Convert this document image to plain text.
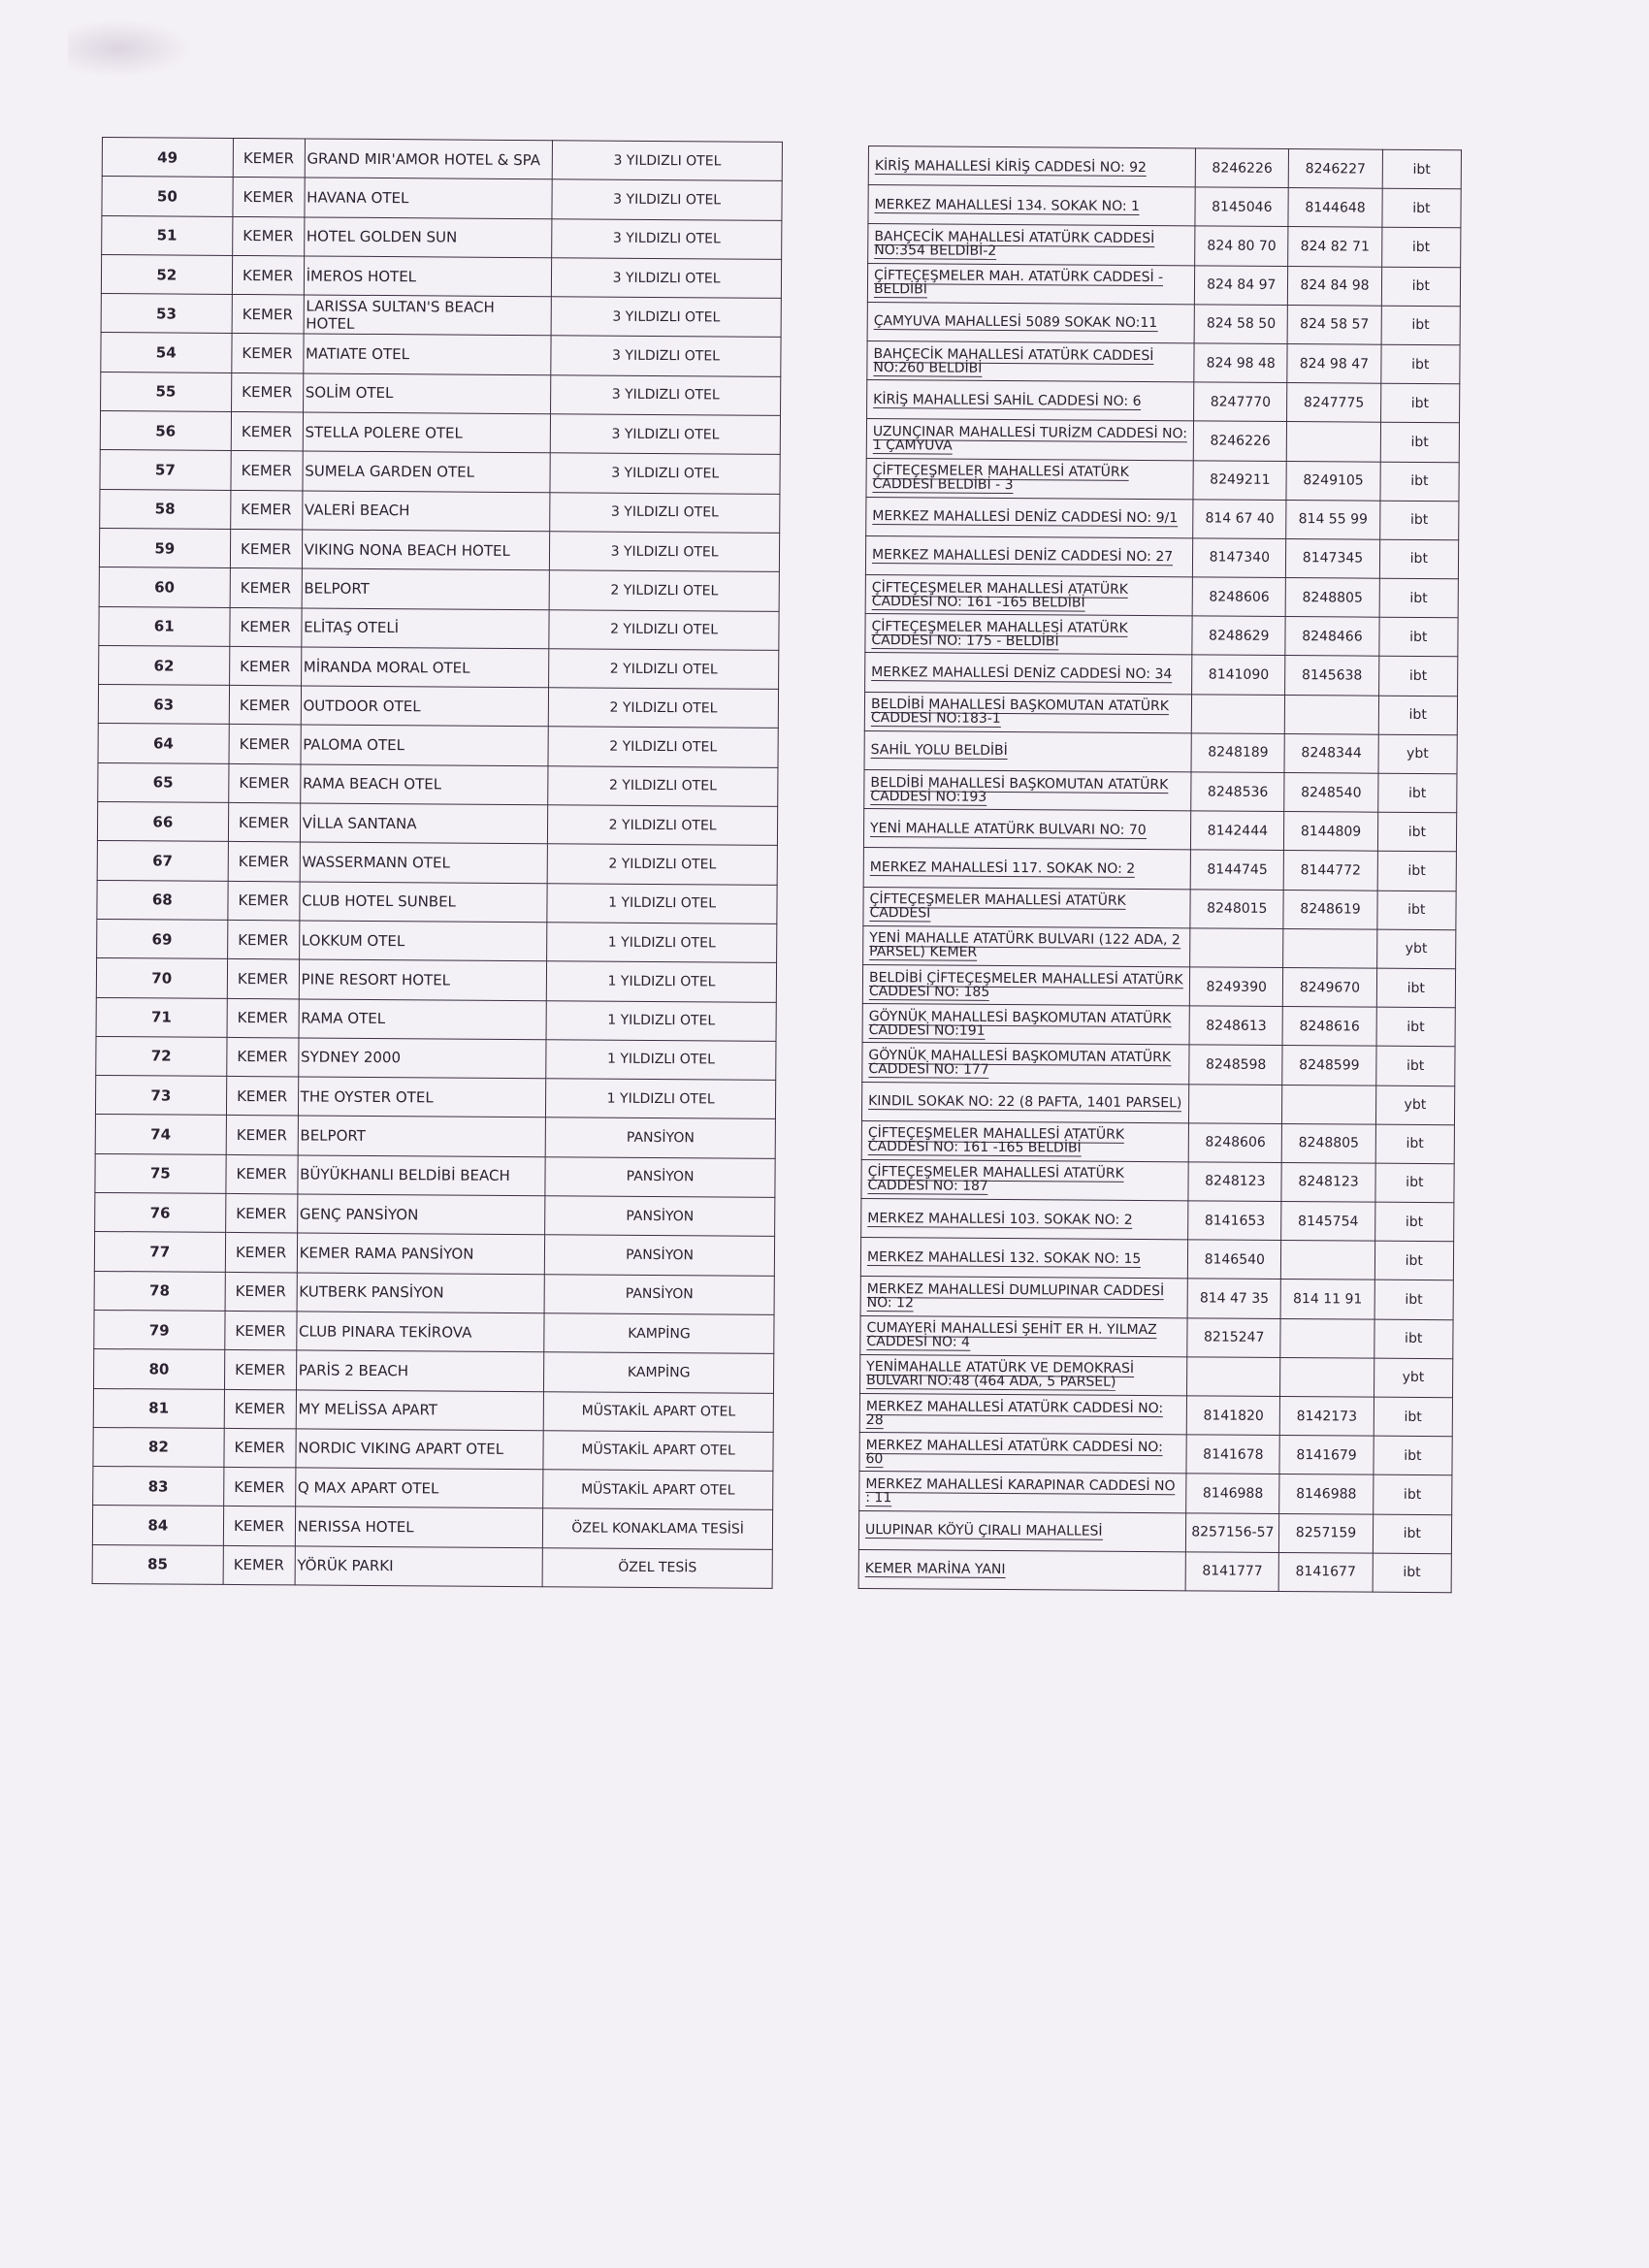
49	KEMER	GRAND MIR'AMOR HOTEL & SPA	3 YILDIZLI OTEL
50	KEMER	HAVANA OTEL	3 YILDIZLI OTEL
51	KEMER	HOTEL GOLDEN SUN	3 YILDIZLI OTEL
52	KEMER	İMEROS HOTEL	3 YILDIZLI OTEL
53	KEMER	LARISSA SULTAN'S BEACH HOTEL	3 YILDIZLI OTEL
54	KEMER	MATIATE OTEL	3 YILDIZLI OTEL
55	KEMER	SOLİM OTEL	3 YILDIZLI OTEL
56	KEMER	STELLA POLERE OTEL	3 YILDIZLI OTEL
57	KEMER	SUMELA GARDEN OTEL	3 YILDIZLI OTEL
58	KEMER	VALERİ BEACH	3 YILDIZLI OTEL
59	KEMER	VIKING NONA BEACH HOTEL	3 YILDIZLI OTEL
60	KEMER	BELPORT	2 YILDIZLI OTEL
61	KEMER	ELİTAŞ OTELİ	2 YILDIZLI OTEL
62	KEMER	MİRANDA MORAL OTEL	2 YILDIZLI OTEL
63	KEMER	OUTDOOR OTEL	2 YILDIZLI OTEL
64	KEMER	PALOMA OTEL	2 YILDIZLI OTEL
65	KEMER	RAMA BEACH OTEL	2 YILDIZLI OTEL
66	KEMER	VİLLA SANTANA	2 YILDIZLI OTEL
67	KEMER	WASSERMANN OTEL	2 YILDIZLI OTEL
68	KEMER	CLUB HOTEL SUNBEL	1 YILDIZLI OTEL
69	KEMER	LOKKUM OTEL	1 YILDIZLI OTEL
70	KEMER	PINE RESORT HOTEL	1 YILDIZLI OTEL
71	KEMER	RAMA OTEL	1 YILDIZLI OTEL
72	KEMER	SYDNEY 2000	1 YILDIZLI OTEL
73	KEMER	THE OYSTER OTEL	1 YILDIZLI OTEL
74	KEMER	BELPORT	PANSİYON
75	KEMER	BÜYÜKHANLI BELDİBİ BEACH	PANSİYON
76	KEMER	GENÇ PANSİYON	PANSİYON
77	KEMER	KEMER RAMA PANSİYON	PANSİYON
78	KEMER	KUTBERK PANSİYON	PANSİYON
79	KEMER	CLUB PINARA TEKİROVA	KAMPİNG
80	KEMER	PARİS 2 BEACH	KAMPİNG
81	KEMER	MY MELİSSA APART	MÜSTAKİL APART OTEL
82	KEMER	NORDIC VIKING APART OTEL	MÜSTAKİL APART OTEL
83	KEMER	Q MAX APART OTEL	MÜSTAKİL APART OTEL
84	KEMER	NERISSA HOTEL	ÖZEL KONAKLAMA TESİSİ
85	KEMER	YÖRÜK PARKI	ÖZEL TESİS
KİRİŞ MAHALLESİ KİRİŞ CADDESİ NO: 92	8246226	8246227	ibt
MERKEZ MAHALLESİ 134. SOKAK NO: 1	8145046	8144648	ibt
BAHÇECİK MAHALLESİ ATATÜRK CADDESİ NO:354 BELDİBİ-2	824 80 70	824 82 71	ibt
ÇİFTEÇEŞMELER MAH. ATATÜRK CADDESİ - BELDİBİ	824 84 97	824 84 98	ibt
ÇAMYUVA MAHALLESİ 5089 SOKAK NO:11	824 58 50	824 58 57	ibt
BAHÇECİK MAHALLESİ ATATÜRK CADDESİ NO:260 BELDİBİ	824 98 48	824 98 47	ibt
KİRİŞ MAHALLESİ SAHİL CADDESİ NO: 6	8247770	8247775	ibt
UZUNÇINAR MAHALLESİ TURİZM CADDESİ NO: 1 ÇAMYUVA	8246226		ibt
ÇİFTEÇEŞMELER MAHALLESİ ATATÜRK CADDESİ BELDİBİ - 3	8249211	8249105	ibt
MERKEZ MAHALLESİ DENİZ CADDESİ NO: 9/1	814 67 40	814 55 99	ibt
MERKEZ MAHALLESİ DENİZ CADDESİ NO: 27	8147340	8147345	ibt
ÇİFTEÇEŞMELER MAHALLESİ ATATÜRK CADDESİ NO: 161 -165 BELDİBİ	8248606	8248805	ibt
ÇİFTEÇEŞMELER MAHALLESİ ATATÜRK CADDESİ NO: 175 - BELDİBİ	8248629	8248466	ibt
MERKEZ MAHALLESİ DENİZ CADDESİ NO: 34	8141090	8145638	ibt
BELDİBİ MAHALLESİ BAŞKOMUTAN ATATÜRK CADDESİ NO:183-1			ibt
SAHİL YOLU BELDİBİ	8248189	8248344	ybt
BELDİBİ MAHALLESİ BAŞKOMUTAN ATATÜRK CADDESİ NO:193	8248536	8248540	ibt
YENİ MAHALLE ATATÜRK BULVARI NO: 70	8142444	8144809	ibt
MERKEZ MAHALLESİ 117. SOKAK NO: 2	8144745	8144772	ibt
ÇİFTEÇEŞMELER MAHALLESİ ATATÜRK CADDESİ	8248015	8248619	ibt
YENİ MAHALLE ATATÜRK BULVARI (122 ADA, 2 PARSEL) KEMER			ybt
BELDİBİ ÇİFTEÇEŞMELER MAHALLESİ ATATÜRK CADDESİ NO: 185	8249390	8249670	ibt
GÖYNÜK MAHALLESİ BAŞKOMUTAN ATATÜRK CADDESİ NO:191	8248613	8248616	ibt
GÖYNÜK MAHALLESİ BAŞKOMUTAN ATATÜRK CADDESİ NO: 177	8248598	8248599	ibt
KINDIL SOKAK NO: 22 (8 PAFTA, 1401 PARSEL)			ybt
ÇİFTEÇEŞMELER MAHALLESİ ATATÜRK CADDESİ NO: 161 -165 BELDİBİ	8248606	8248805	ibt
ÇİFTEÇEŞMELER MAHALLESİ ATATÜRK CADDESİ NO: 187	8248123	8248123	ibt
MERKEZ MAHALLESİ 103. SOKAK NO: 2	8141653	8145754	ibt
MERKEZ MAHALLESİ 132. SOKAK NO: 15	8146540		ibt
MERKEZ MAHALLESİ DUMLUPINAR CADDESİ NO: 12	814 47 35	814 11 91	ibt
CUMAYERİ MAHALLESİ ŞEHİT ER H. YILMAZ CADDESİ NO: 4	8215247		ibt
YENİMAHALLE ATATÜRK VE DEMOKRASİ BULVARI NO:48 (464 ADA, 5 PARSEL)			ybt
MERKEZ MAHALLESİ ATATÜRK CADDESİ NO: 28	8141820	8142173	ibt
MERKEZ MAHALLESİ ATATÜRK CADDESİ NO: 60	8141678	8141679	ibt
MERKEZ MAHALLESİ KARAPINAR CADDESİ NO : 11	8146988	8146988	ibt
ULUPINAR KÖYÜ ÇIRALI MAHALLESİ	8257156-57	8257159	ibt
KEMER MARİNA YANI	8141777	8141677	ibt
